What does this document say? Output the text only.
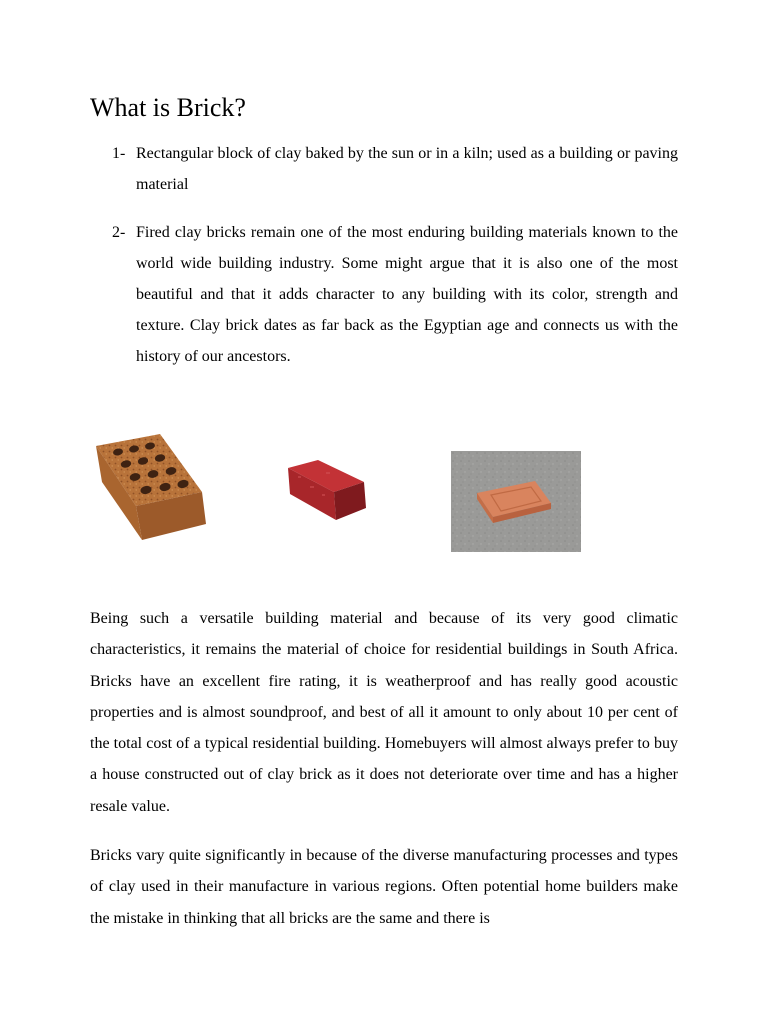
What is Brick?
1- Rectangular block of clay baked by the sun or in a kiln; used as a building or paving material
2- Fired clay bricks remain one of the most enduring building materials known to the world wide building industry. Some might argue that it is also one of the most beautiful and that it adds character to any building with its color, strength and texture. Clay brick dates as far back as the Egyptian age and connects us with the history of our ancestors.

Being such a versatile building material and because of its very good climatic characteristics, it remains the material of choice for residential buildings in South Africa. Bricks have an excellent fire rating, it is weatherproof and has really good acoustic properties and is almost soundproof, and best of all it amount to only about 10 per cent of the total cost of a typical residential building. Homebuyers will almost always prefer to buy a house constructed out of clay brick as it does not deteriorate over time and has a higher resale value.

Bricks vary quite significantly in because of the diverse manufacturing processes and types of clay used in their manufacture in various regions. Often potential home builders make the mistake in thinking that all bricks are the same and there is
